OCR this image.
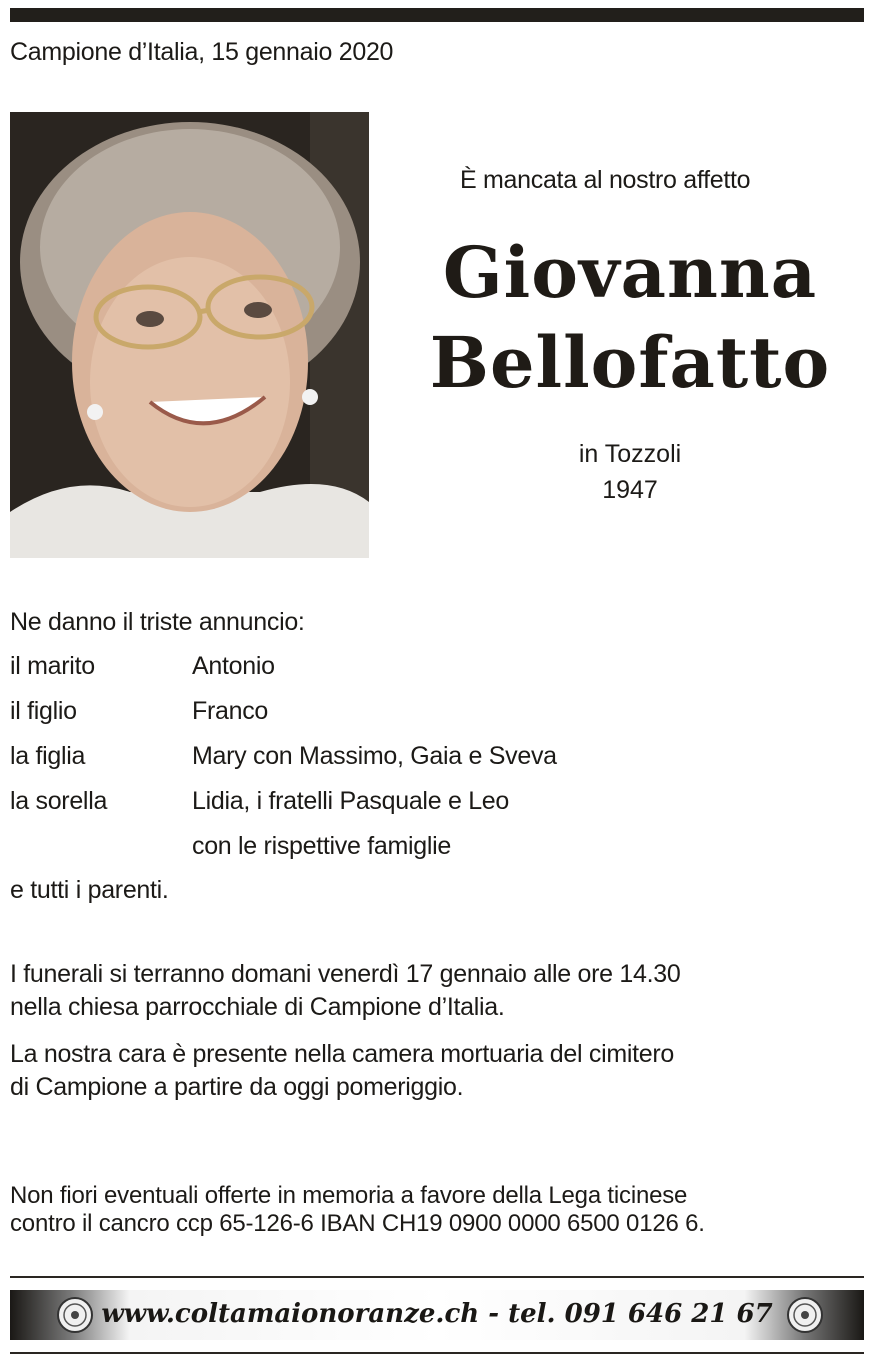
Campione d’Italia, 15 gennaio 2020
È mancata al nostro affetto
Giovanna
Bellofatto
in Tozzoli
1947
Ne danno il triste annuncio:
il marito	Antonio
il figlio	Franco
la figlia	Mary con Massimo, Gaia e Sveva
la sorella	Lidia, i fratelli Pasquale e Leo
con le rispettive famiglie
e tutti i parenti.
I funerali si terranno domani venerdì 17 gennaio alle ore 14.30
nella chiesa parrocchiale di Campione d’Italia.
La nostra cara è presente nella camera mortuaria del cimitero
di Campione a partire da oggi pomeriggio.
Non fiori eventuali offerte in memoria a favore della Lega ticinese
contro il cancro ccp 65-126-6 IBAN CH19 0900 0000 6500 0126 6.
www.coltamaionoranze.ch - tel. 091 646 21 67
